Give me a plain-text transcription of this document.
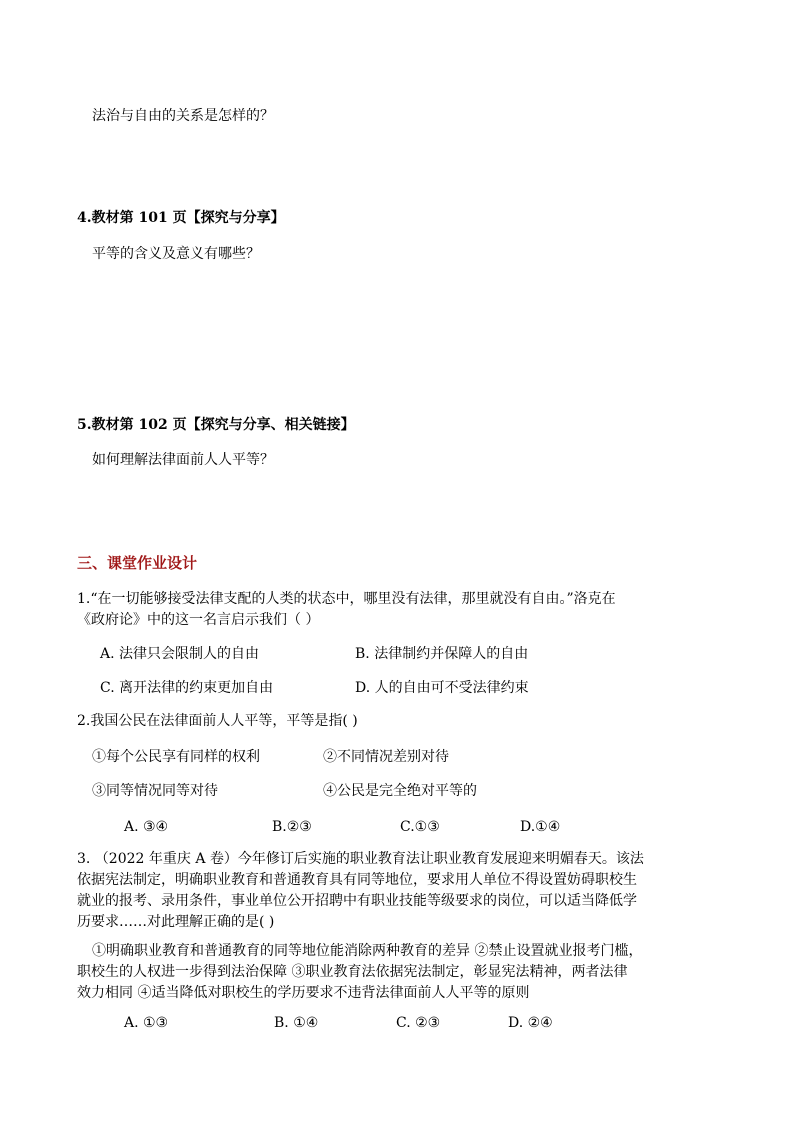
法治与自由的关系是怎样的？
4.教材第 101 页【探究与分享】
平等的含义及意义有哪些？
5.教材第 102 页【探究与分享、相关链接】
如何理解法律面前人人平等？
三、课堂作业设计
1.“在一切能够接受法律支配的人类的状态中，哪里没有法律，那里就没有自由。”洛克在
《政府论》中的这一名言启示我们（ ）
A. 法律只会限制人的自由	B. 法律制约并保障人的自由
C. 离开法律的约束更加自由	D. 人的自由可不受法律约束
2.我国公民在法律面前人人平等，平等是指( )
①每个公民享有同样的权利	②不同情况差别对待
③同等情况同等对待	④公民是完全绝对平等的
A. ③④	B.②③	C.①③	D.①④
3. （2022 年重庆 A 卷）今年修订后实施的职业教育法让职业教育发展迎来明媚春天。该法
依据宪法制定，明确职业教育和普通教育具有同等地位，要求用人单位不得设置妨碍职校生
就业的报考、录用条件，事业单位公开招聘中有职业技能等级要求的岗位，可以适当降低学
历要求……对此理解正确的是( )
①明确职业教育和普通教育的同等地位能消除两种教育的差异 ②禁止设置就业报考门槛，
职校生的人权进一步得到法治保障 ③职业教育法依据宪法制定，彰显宪法精神，两者法律
效力相同 ④适当降低对职校生的学历要求不违背法律面前人人平等的原则
A. ①③	B. ①④	C. ②③	D. ②④
